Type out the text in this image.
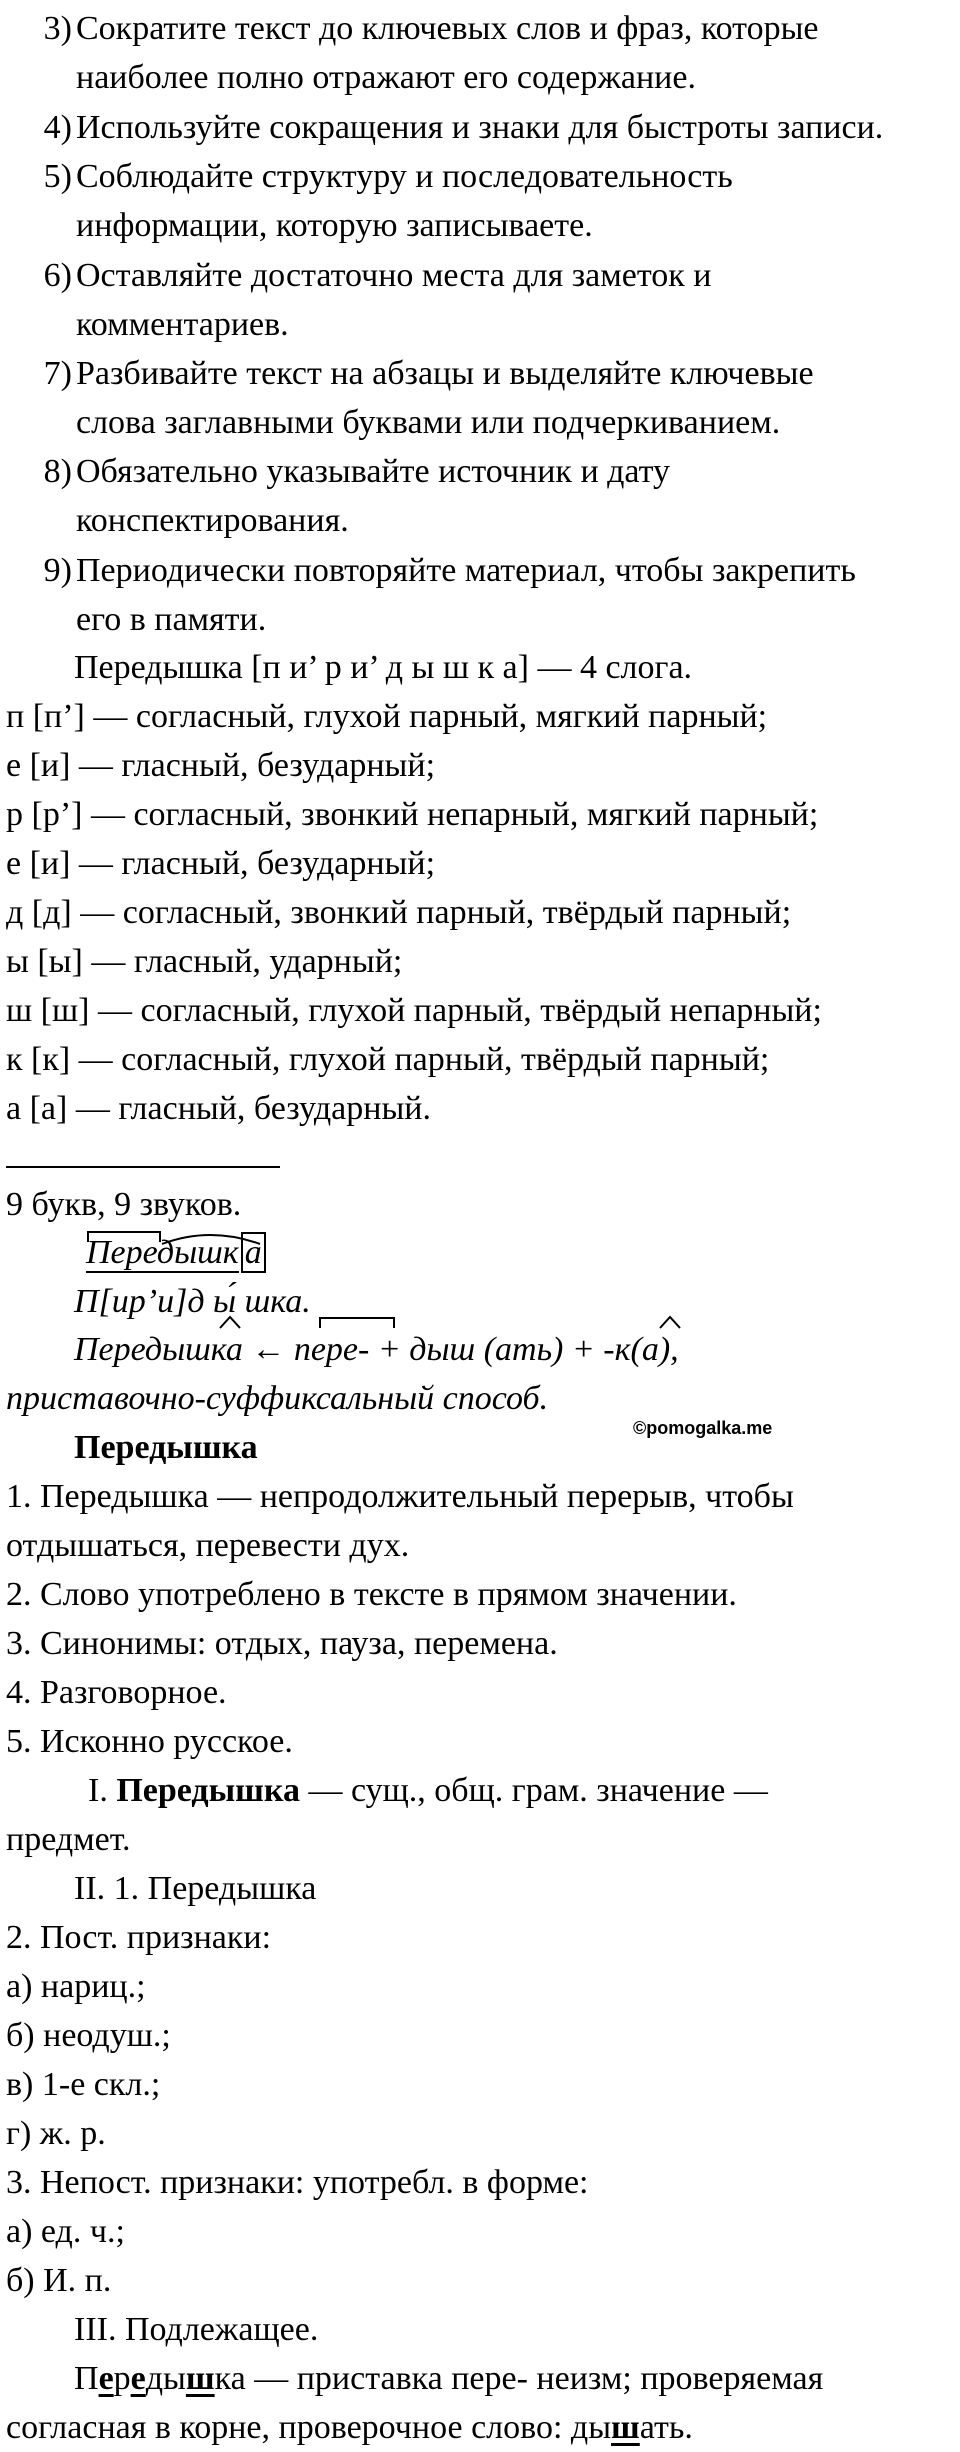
3) Сократите текст до ключевых слов и фраз, которые
наиболее полно отражают его содержание.
4) Используйте сокращения и знаки для быстроты записи.
5) Соблюдайте структуру и последовательность
информации, которую записываете.
6) Оставляйте достаточно места для заметок и
комментариев.
7) Разбивайте текст на абзацы и выделяйте ключевые
слова заглавными буквами или подчеркиванием.
8) Обязательно указывайте источник и дату
конспектирования.
9) Периодически повторяйте материал, чтобы закрепить
его в памяти.
Передышка [п и’ р и’ д ы ш к а] — 4 слога.
п [п’] — согласный, глухой парный, мягкий парный;
е [и] — гласный, безударный;
р [р’] — согласный, звонкий непарный, мягкий парный;
е [и] — гласный, безударный;
д [д] — согласный, звонкий парный, твёрдый парный;
ы [ы] — гласный, ударный;
ш [ш] — согласный, глухой парный, твёрдый непарный;
к [к] — согласный, глухой парный, твёрдый парный;
а [а] — гласный, безударный.
9 букв, 9 звуков.
Передышк а
П[ир’и]д ы́ шка.
Передышка ← пере- + дыш (ать) + -к(а),
приставочно-суффиксальный способ.
Передышка
©pomogalka.me
1. Передышка — непродолжительный перерыв, чтобы
отдышаться, перевести дух.
2. Слово употреблено в тексте в прямом значении.
3. Синонимы: отдых, пауза, перемена.
4. Разговорное.
5. Исконно русское.
I. Передышка — сущ., общ. грам. значение —
предмет.
II. 1. Передышка
2. Пост. признаки:
а) нариц.;
б) неодуш.;
в) 1-е скл.;
г) ж. р.
3. Непост. признаки: употребл. в форме:
а) ед. ч.;
б) И. п.
III. Подлежащее.
Передышка — приставка пере- неизм; проверяемая
согласная в корне, проверочное слово: дышать.
